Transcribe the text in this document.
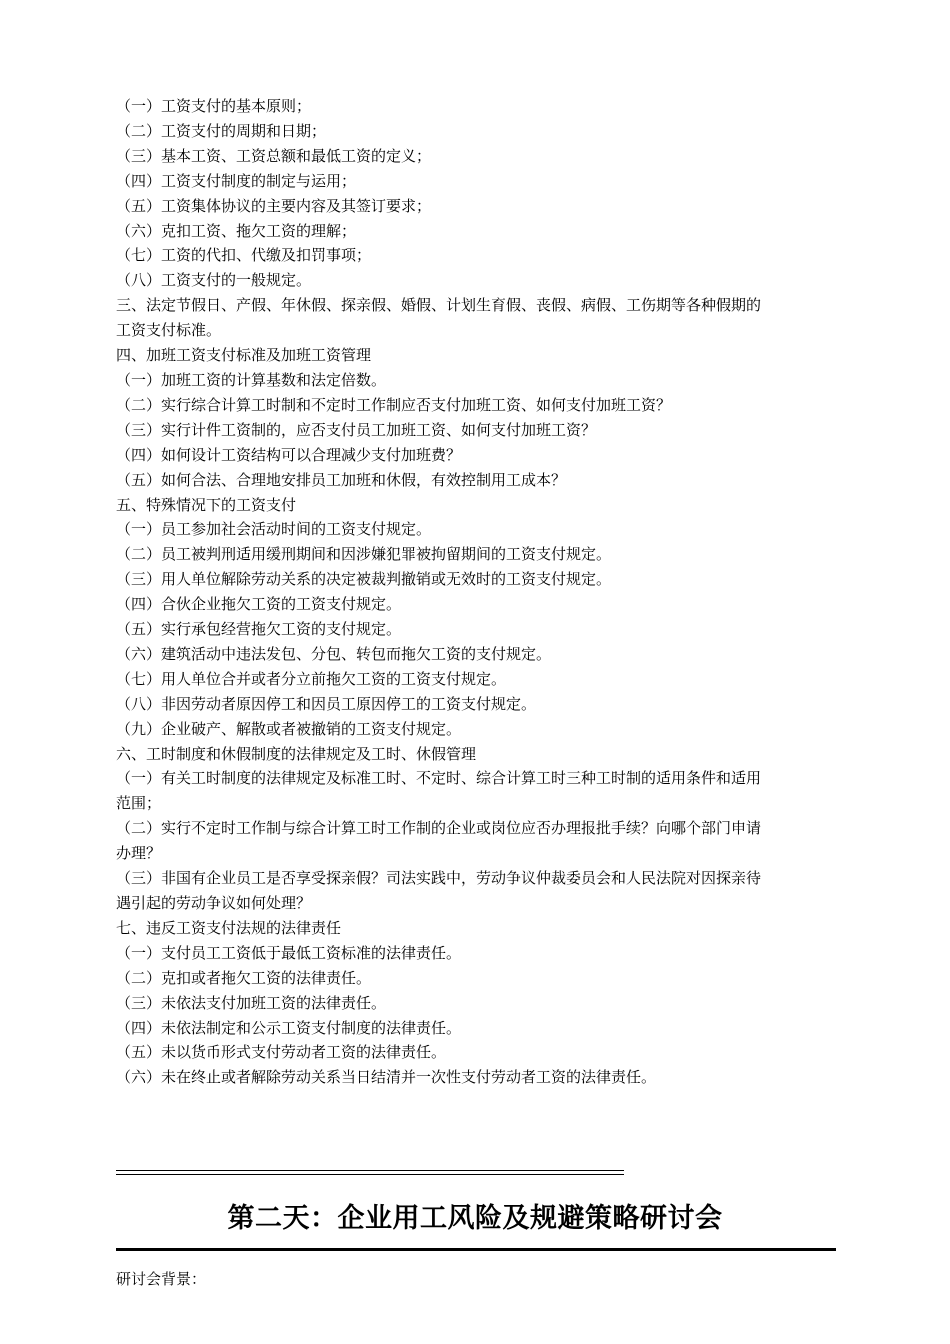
（一）工资支付的基本原则；
（二）工资支付的周期和日期；
（三）基本工资、工资总额和最低工资的定义；
（四）工资支付制度的制定与运用；
（五）工资集体协议的主要内容及其签订要求；
（六）克扣工资、拖欠工资的理解；
（七）工资的代扣、代缴及扣罚事项；
（八）工资支付的一般规定。
三、法定节假日、产假、年休假、探亲假、婚假、计划生育假、丧假、病假、工伤期等各种假期的
工资支付标准。
四、加班工资支付标准及加班工资管理
（一）加班工资的计算基数和法定倍数。
（二）实行综合计算工时制和不定时工作制应否支付加班工资、如何支付加班工资？
（三）实行计件工资制的，应否支付员工加班工资、如何支付加班工资？
（四）如何设计工资结构可以合理减少支付加班费？
（五）如何合法、合理地安排员工加班和休假，有效控制用工成本？
五、特殊情况下的工资支付
（一）员工参加社会活动时间的工资支付规定。
（二）员工被判刑适用缓刑期间和因涉嫌犯罪被拘留期间的工资支付规定。
（三）用人单位解除劳动关系的决定被裁判撤销或无效时的工资支付规定。
（四）合伙企业拖欠工资的工资支付规定。
（五）实行承包经营拖欠工资的支付规定。
（六）建筑活动中违法发包、分包、转包而拖欠工资的支付规定。
（七）用人单位合并或者分立前拖欠工资的工资支付规定。
（八）非因劳动者原因停工和因员工原因停工的工资支付规定。
（九）企业破产、解散或者被撤销的工资支付规定。
六、工时制度和休假制度的法律规定及工时、休假管理
（一）有关工时制度的法律规定及标准工时、不定时、综合计算工时三种工时制的适用条件和适用
范围；
（二）实行不定时工作制与综合计算工时工作制的企业或岗位应否办理报批手续？向哪个部门申请
办理？
（三）非国有企业员工是否享受探亲假？司法实践中，劳动争议仲裁委员会和人民法院对因探亲待
遇引起的劳动争议如何处理？
七、违反工资支付法规的法律责任
（一）支付员工工资低于最低工资标准的法律责任。
（二）克扣或者拖欠工资的法律责任。
（三）未依法支付加班工资的法律责任。
（四）未依法制定和公示工资支付制度的法律责任。
（五）未以货币形式支付劳动者工资的法律责任。
（六）未在终止或者解除劳动关系当日结清并一次性支付劳动者工资的法律责任。
第二天：企业用工风险及规避策略研讨会
研讨会背景：
